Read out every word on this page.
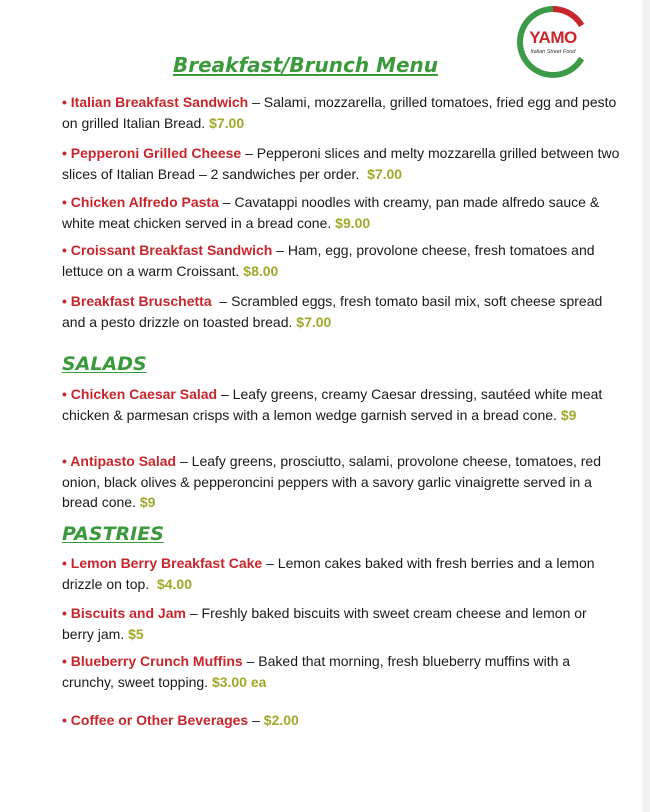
YAMO
Italian Street Food
Breakfast/Brunch Menu
• Italian Breakfast Sandwich – Salami, mozzarella, grilled tomatoes, fried egg and pesto on grilled Italian Bread. $7.00
• Pepperoni Grilled Cheese – Pepperoni slices and melty mozzarella grilled between two slices of Italian Bread – 2 sandwiches per order. $7.00
• Chicken Alfredo Pasta – Cavatappi noodles with creamy, pan made alfredo sauce & white meat chicken served in a bread cone. $9.00
• Croissant Breakfast Sandwich – Ham, egg, provolone cheese, fresh tomatoes and lettuce on a warm Croissant. $8.00
• Breakfast Bruschetta  – Scrambled eggs, fresh tomato basil mix, soft cheese spread and a pesto drizzle on toasted bread. $7.00
SALADS
• Chicken Caesar Salad – Leafy greens, creamy Caesar dressing, sautéed white meat chicken & parmesan crisps with a lemon wedge garnish served in a bread cone. $9
• Antipasto Salad – Leafy greens, prosciutto, salami, provolone cheese, tomatoes, red onion, black olives & pepperoncini peppers with a savory garlic vinaigrette served in a bread cone. $9
PASTRIES
• Lemon Berry Breakfast Cake – Lemon cakes baked with fresh berries and a lemon drizzle on top. $4.00
• Biscuits and Jam – Freshly baked biscuits with sweet cream cheese and lemon or berry jam. $5
• Blueberry Crunch Muffins – Baked that morning, fresh blueberry muffins with a crunchy, sweet topping. $3.00 ea
• Coffee or Other Beverages – $2.00
